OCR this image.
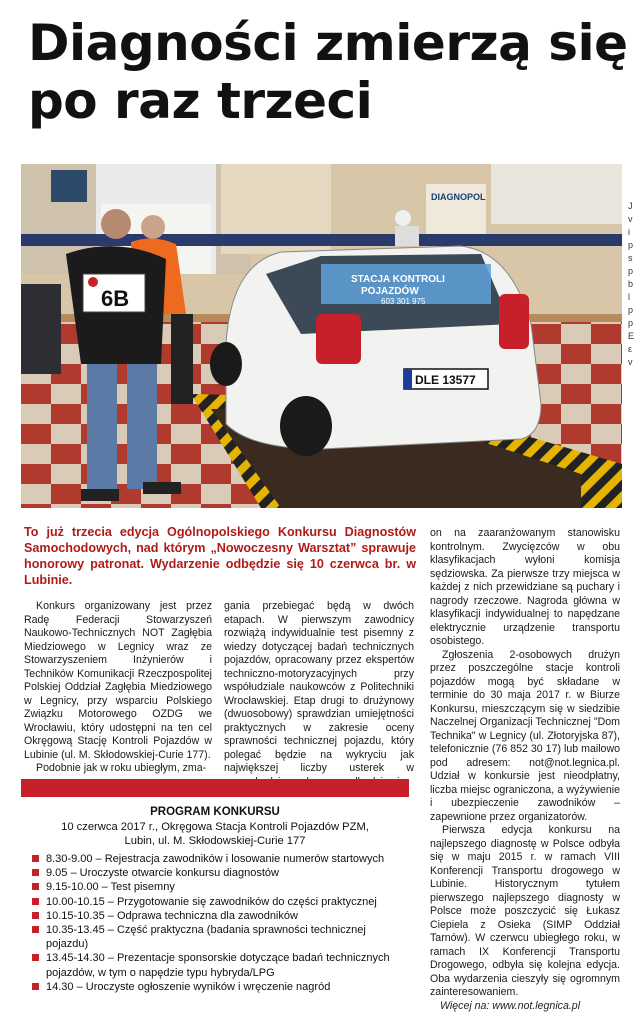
Diagności zmierzą się po raz trzeci
DIAGNOPOL
STACJA KONTROLI
POJAZDÓW
603 301 975
DLE 13577
6B
To już trzecia edycja Ogólnopolskiego Konkursu Diagnostów Samochodowych, nad którym „Nowoczesny Warsztat” sprawuje honorowy patronat. Wydarzenie odbędzie się 10 czerwca br. w Lubinie.

Konkurs organizowany jest przez Radę Federacji Stowarzyszeń Naukowo-Technicznych NOT Zagłębia Miedziowego w Legnicy wraz ze Stowarzyszeniem Inżynierów i Techników Komunikacji Rzeczpospolitej Polskiej Oddział Zagłębia Miedziowego w Legnicy, przy wsparciu Polskiego Związku Motorowego OZDG we Wrocławiu, który udostępni na ten cel Okręgową Stację Kontroli Pojazdów w Lubinie (ul. M. Skłodowskiej-Curie 177).

Podobnie jak w roku ubiegłym, zma-

gania przebiegać będą w dwóch etapach. W pierwszym zawodnicy rozwiążą indywidualnie test pisemny z wiedzy dotyczącej badań technicznych pojazdów, opracowany przez ekspertów techniczno-motoryzacyjnych przy współudziale naukowców z Politechniki Wrocławskiej. Etap drugi to drużynowy (dwuosobowy) sprawdzian umiejętności praktycznych w zakresie oceny sprawności technicznej pojazdu, który polegać będzie na wykryciu jak największej liczby usterek w samochodzie osobowym, odbędzie się

on na zaaranżowanym stanowisku kontrolnym. Zwycięzców w obu klasyfikacjach wyłoni komisja sędziowska. Za pierwsze trzy miejsca w każdej z nich przewidziane są puchary i nagrody rzeczowe. Nagroda główna w klasyfikacji indywidualnej to napędzane elektrycznie urządzenie transportu osobistego.

Zgłoszenia 2-osobowych drużyn przez poszczególne stacje kontroli pojazdów mogą być składane w terminie do 30 maja 2017 r. w Biurze Konkursu, mieszczącym się w siedzibie Naczelnej Organizacji Technicznej "Dom Technika" w Legnicy (ul. Złotoryjska 87), telefonicznie (76 852 30 17) lub mailowo pod adresem: not@not.legnica.pl. Udział w konkursie jest nieodpłatny, liczba miejsc ograniczona, a wyżywienie i ubezpieczenie zawodników – zapewnione przez organizatorów.

Pierwsza edycja konkursu na najlepszego diagnostę w Polsce odbyła się w maju 2015 r. w ramach VIII Konferencji Transportu drogowego w Lubinie. Historycznym tytułem pierwszego najlepszego diagnosty w Polsce może poszczycić się Łukasz Ciepiela z Osieka (SIMP Oddział Tarnów). W czerwcu ubiegłego roku, w ramach IX Konferencji Transportu Drogowego, odbyła się kolejna edycja. Oba wydarzenia cieszyły się ogromnym zainteresowaniem.

PROGRAM KONKURSU
10 czerwca 2017 r., Okręgowa Stacja Kontroli Pojazdów PZM,
Lubin, ul. M. Skłodowskiej-Curie 177
8.30-9.00 – Rejestracja zawodników i losowanie numerów startowych
9.05 – Uroczyste otwarcie konkursu diagnostów
9.15-10.00 – Test pisemny
10.00-10.15 – Przygotowanie się zawodników do części praktycznej
10.15-10.35 – Odprawa techniczna dla zawodników
10.35-13.45 – Część praktyczna (badania sprawności technicznej pojazdu)
13.45-14.30 – Prezentacje sponsorskie dotyczące badań technicznych pojazdów, w tym o napędzie typu hybryda/LPG
14.30 – Uroczyste ogłoszenie wyników i wręczenie nagród
Więcej na: www.not.legnica.pl
J
v
i
p
s
p
b
l
p
p
E
ε
v
